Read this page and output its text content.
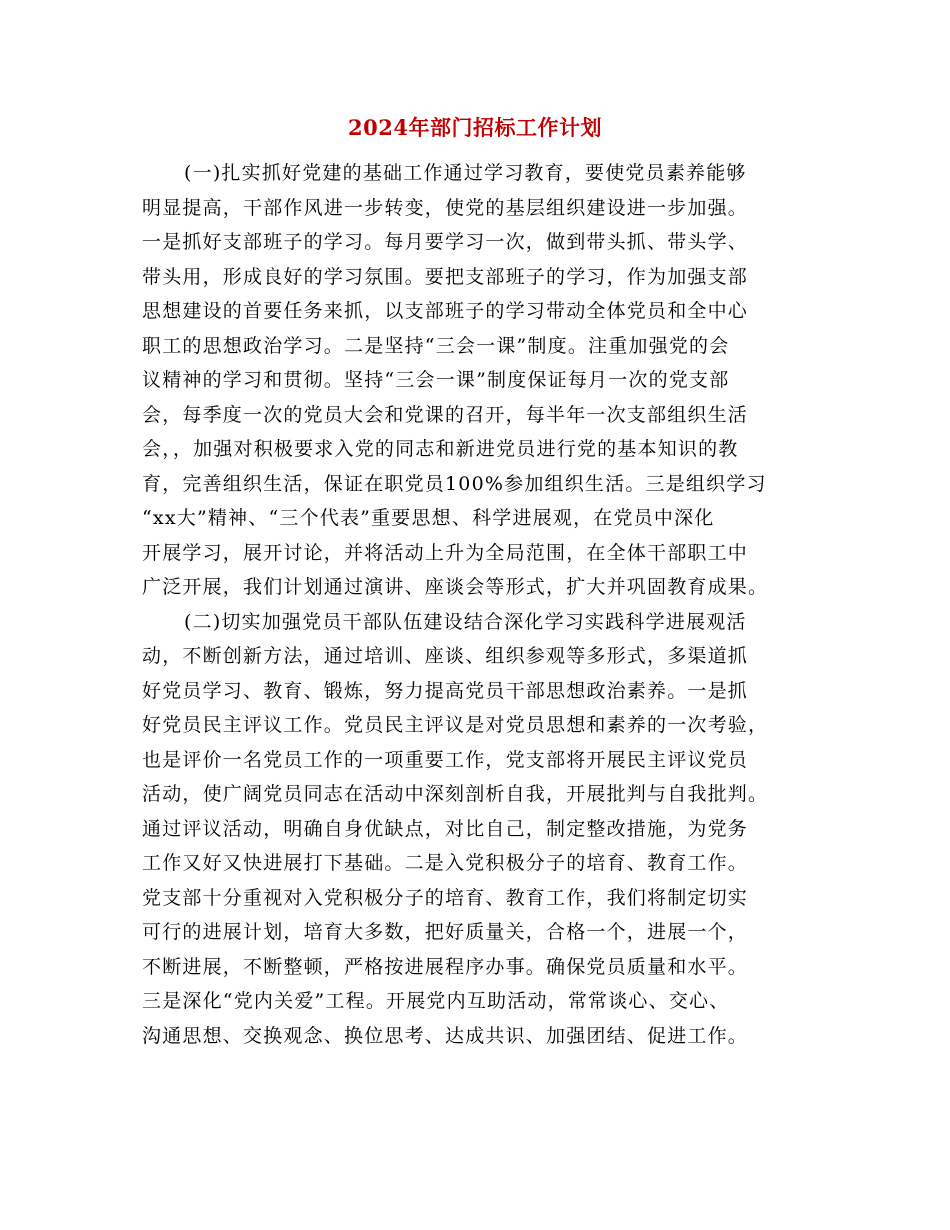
2024年部门招标工作计划
(一)扎实抓好党建的基础工作通过学习教育，要使党员素养能够
明显提高，干部作风进一步转变，使党的基层组织建设进一步加强。
一是抓好支部班子的学习。每月要学习一次，做到带头抓、带头学、
带头用，形成良好的学习氛围。要把支部班子的学习，作为加强支部
思想建设的首要任务来抓，以支部班子的学习带动全体党员和全中心
职工的思想政治学习。二是坚持“三会一课”制度。注重加强党的会
议精神的学习和贯彻。坚持“三会一课”制度保证每月一次的党支部
会，每季度一次的党员大会和党课的召开，每半年一次支部组织生活
会，，加强对积极要求入党的同志和新进党员进行党的基本知识的教
育，完善组织生活，保证在职党员100%参加组织生活。三是组织学习
“xx大”精神、“三个代表”重要思想、科学进展观，在党员中深化
开展学习，展开讨论，并将活动上升为全局范围，在全体干部职工中
广泛开展，我们计划通过演讲、座谈会等形式，扩大并巩固教育成果。
(二)切实加强党员干部队伍建设结合深化学习实践科学进展观活
动，不断创新方法，通过培训、座谈、组织参观等多形式，多渠道抓
好党员学习、教育、锻炼，努力提高党员干部思想政治素养。一是抓
好党员民主评议工作。党员民主评议是对党员思想和素养的一次考验，
也是评价一名党员工作的一项重要工作，党支部将开展民主评议党员
活动，使广阔党员同志在活动中深刻剖析自我，开展批判与自我批判。
通过评议活动，明确自身优缺点，对比自己，制定整改措施，为党务
工作又好又快进展打下基础。二是入党积极分子的培育、教育工作。
党支部十分重视对入党积极分子的培育、教育工作，我们将制定切实
可行的进展计划，培育大多数，把好质量关，合格一个，进展一个，
不断进展，不断整顿，严格按进展程序办事。确保党员质量和水平。
三是深化“党内关爱”工程。开展党内互助活动，常常谈心、交心、
沟通思想、交换观念、换位思考、达成共识、加强团结、促进工作。
